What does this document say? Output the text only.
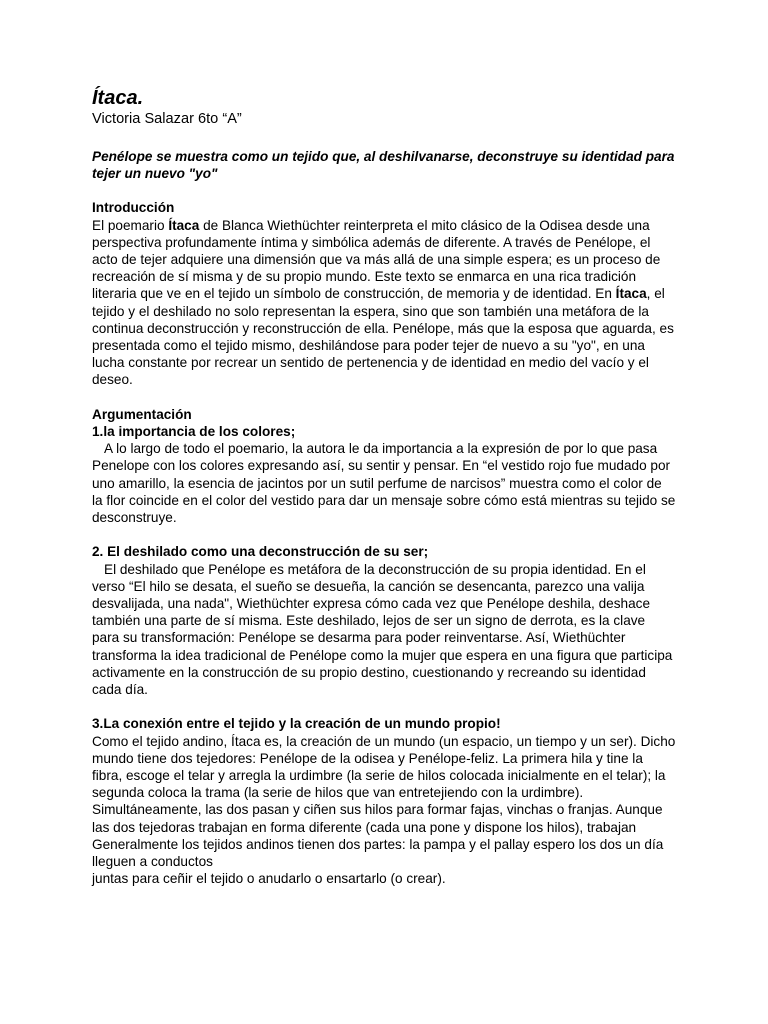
Ítaca.

Victoria Salazar 6to “A”

Penélope se muestra como un tejido que, al deshilvanarse, deconstruye su identidad para tejer un nuevo "yo"

Introducción

El poemario Ítaca de Blanca Wiethüchter reinterpreta el mito clásico de la Odisea desde una perspectiva profundamente íntima y simbólica además de diferente. A través de Penélope, el acto de tejer adquiere una dimensión que va más allá de una simple espera; es un proceso de recreación de sí misma y de su propio mundo. Este texto se enmarca en una rica tradición literaria que ve en el tejido un símbolo de construcción, de memoria y de identidad. En Ítaca, el tejido y el deshilado no solo representan la espera, sino que son también una metáfora de la continua deconstrucción y reconstrucción de ella. Penélope, más que la esposa que aguarda, es presentada como el tejido mismo, deshilándose para poder tejer de nuevo a su "yo", en una lucha constante por recrear un sentido de pertenencia y de identidad en medio del vacío y el deseo.

Argumentación

1.la importancia de los colores;

A lo largo de todo el poemario, la autora le da importancia a la expresión de por lo que pasa Penelope con los colores expresando así, su sentir y pensar. En “el vestido rojo fue mudado por uno amarillo, la esencia de jacintos por un sutil perfume de narcisos” muestra como el color de la flor coincide en el color del vestido para dar un mensaje sobre cómo está mientras su tejido se desconstruye.

2. El deshilado como una deconstrucción de su ser;

El deshilado que Penélope es metáfora de la deconstrucción de su propia identidad. En el verso “El hilo se desata, el sueño se desueña, la canción se desencanta, parezco una valija desvalijada, una nada", Wiethüchter expresa cómo cada vez que Penélope deshila, deshace también una parte de sí misma. Este deshilado, lejos de ser un signo de derrota, es la clave para su transformación: Penélope se desarma para poder reinventarse. Así, Wiethüchter transforma la idea tradicional de Penélope como la mujer que espera en una figura que participa activamente en la construcción de su propio destino, cuestionando y recreando su identidad cada día.

3.La conexión entre el tejido y la creación de un mundo propio!

Como el tejido andino, Ítaca es, la creación de un mundo (un espacio, un tiempo y un ser). Dicho mundo tiene dos tejedores: Penélope de la odisea y Penélope-feliz. La primera hila y tine la fibra, escoge el telar y arregla la urdimbre (la serie de hilos colocada inicialmente en el telar); la segunda coloca la trama (la serie de hilos que van entretejiendo con la urdimbre). Simultáneamente, las dos pasan y ciñen sus hilos para formar fajas, vinchas o franjas. Aunque las dos tejedoras trabajan en forma diferente (cada una pone y dispone los hilos), trabajan

Generalmente los tejidos andinos tienen dos partes: la pampa y el pallay espero los dos un día lleguen a conductos

juntas para ceñir el tejido o anudarlo o ensartarlo (o crear).
